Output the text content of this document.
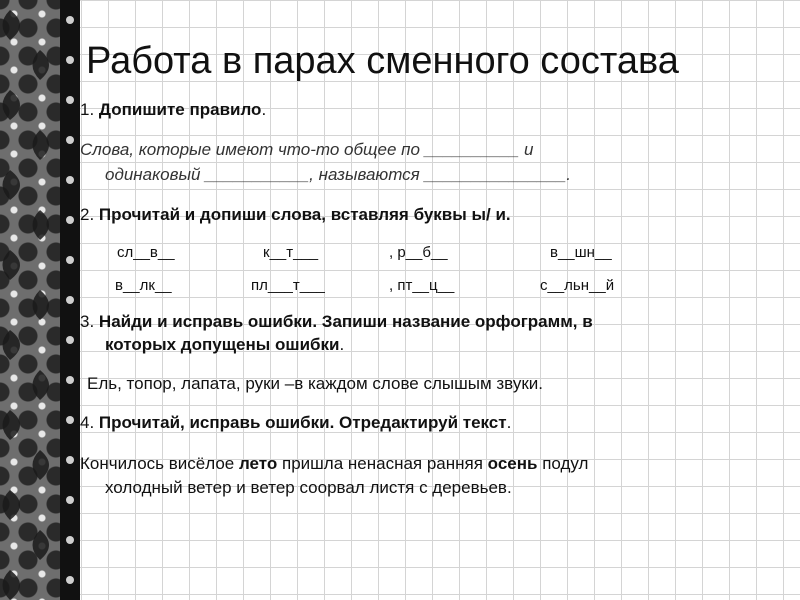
Работа в парах сменного состава
1. Допишите правило.
Слова, которые имеют что-то общее по __________ и
одинаковый ___________, называются _______________.
2. Прочитай и допиши слова, вставляя буквы ы/ и.
сл__в__	к__т___	, р__б__	в__шн__
в__лк__	пл___т___	, пт__ц__	с__льн__й
3. Найди и исправь ошибки. Запиши название орфограмм, в
которых допущены ошибки.
Ель, топор, лапата, руки –в каждом слове слышым звуки.
4. Прочитай, исправь ошибки. Отредактируй текст.
Кончилось висёлое лето пришла ненасная ранняя осень подул
холодный ветер и ветер соорвал листя с деревьев.
